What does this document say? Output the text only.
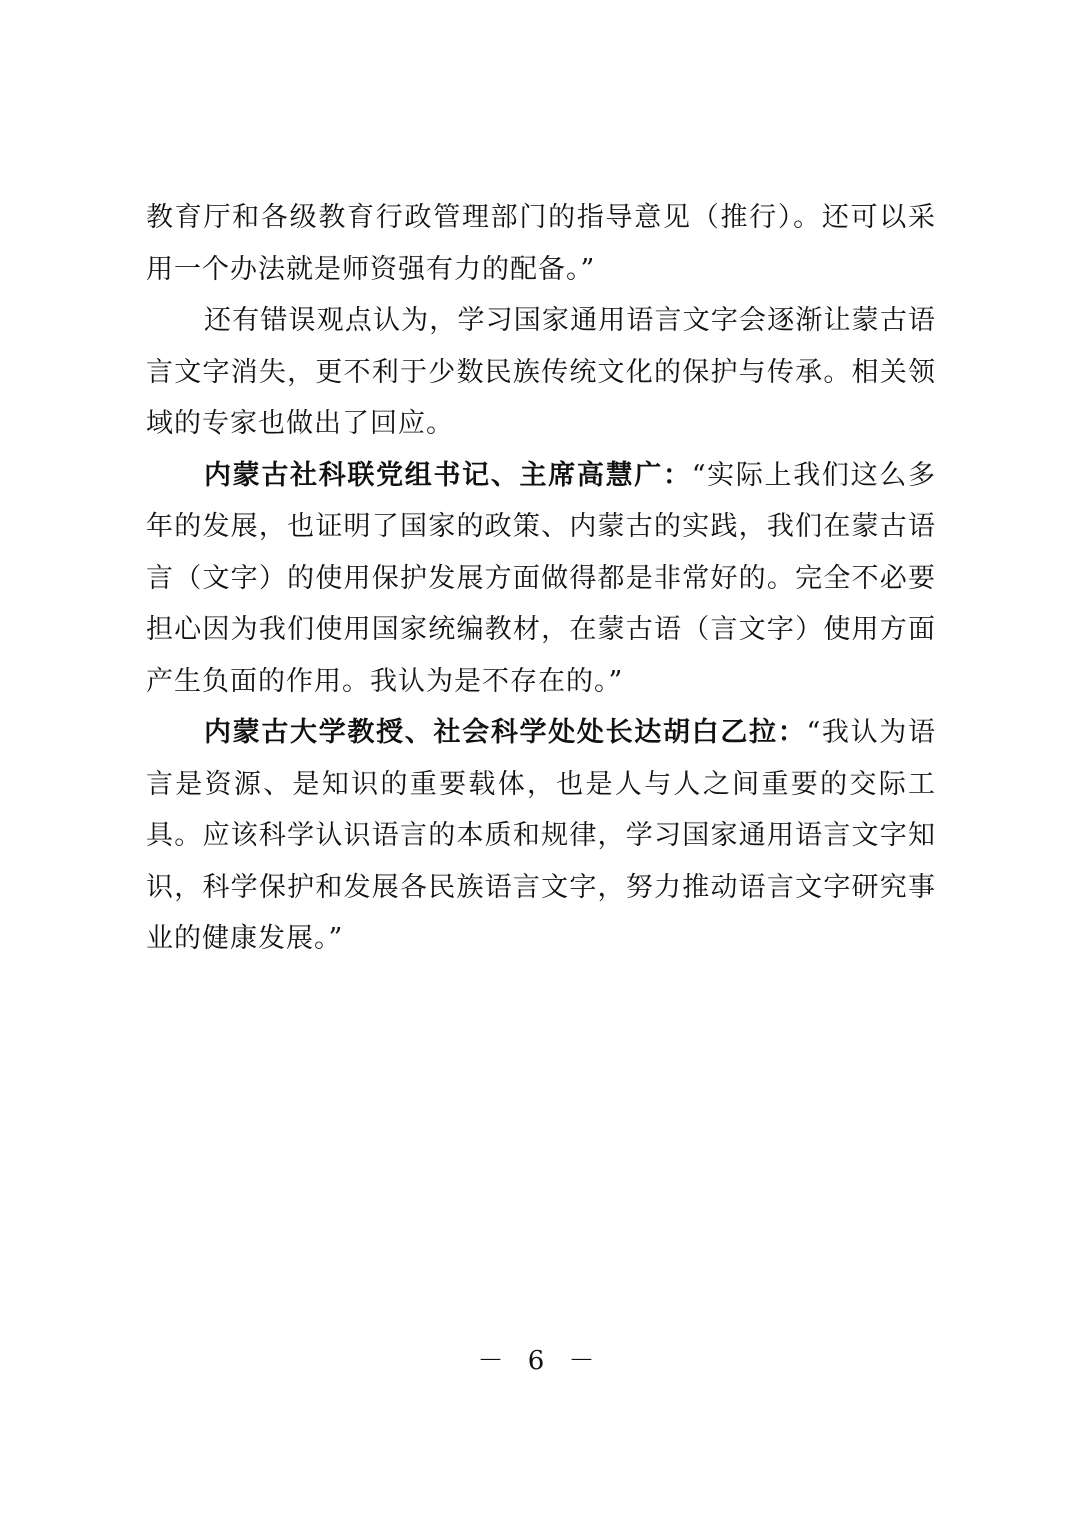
教育厅和各级教育行政管理部门的指导意见（推行）。还可以采用一个办法就是师资强有力的配备。”

还有错误观点认为，学习国家通用语言文字会逐渐让蒙古语言文字消失，更不利于少数民族传统文化的保护与传承。相关领域的专家也做出了回应。

内蒙古社科联党组书记、主席高慧广：“实际上我们这么多年的发展，也证明了国家的政策、内蒙古的实践，我们在蒙古语言（文字）的使用保护发展方面做得都是非常好的。完全不必要担心因为我们使用国家统编教材，在蒙古语（言文字）使用方面产生负面的作用。我认为是不存在的。”

内蒙古大学教授、社会科学处处长达胡白乙拉：“我认为语言是资源、是知识的重要载体，也是人与人之间重要的交际工具。应该科学认识语言的本质和规律，学习国家通用语言文字知识，科学保护和发展各民族语言文字，努力推动语言文字研究事业的健康发展。”

－ 6 －
